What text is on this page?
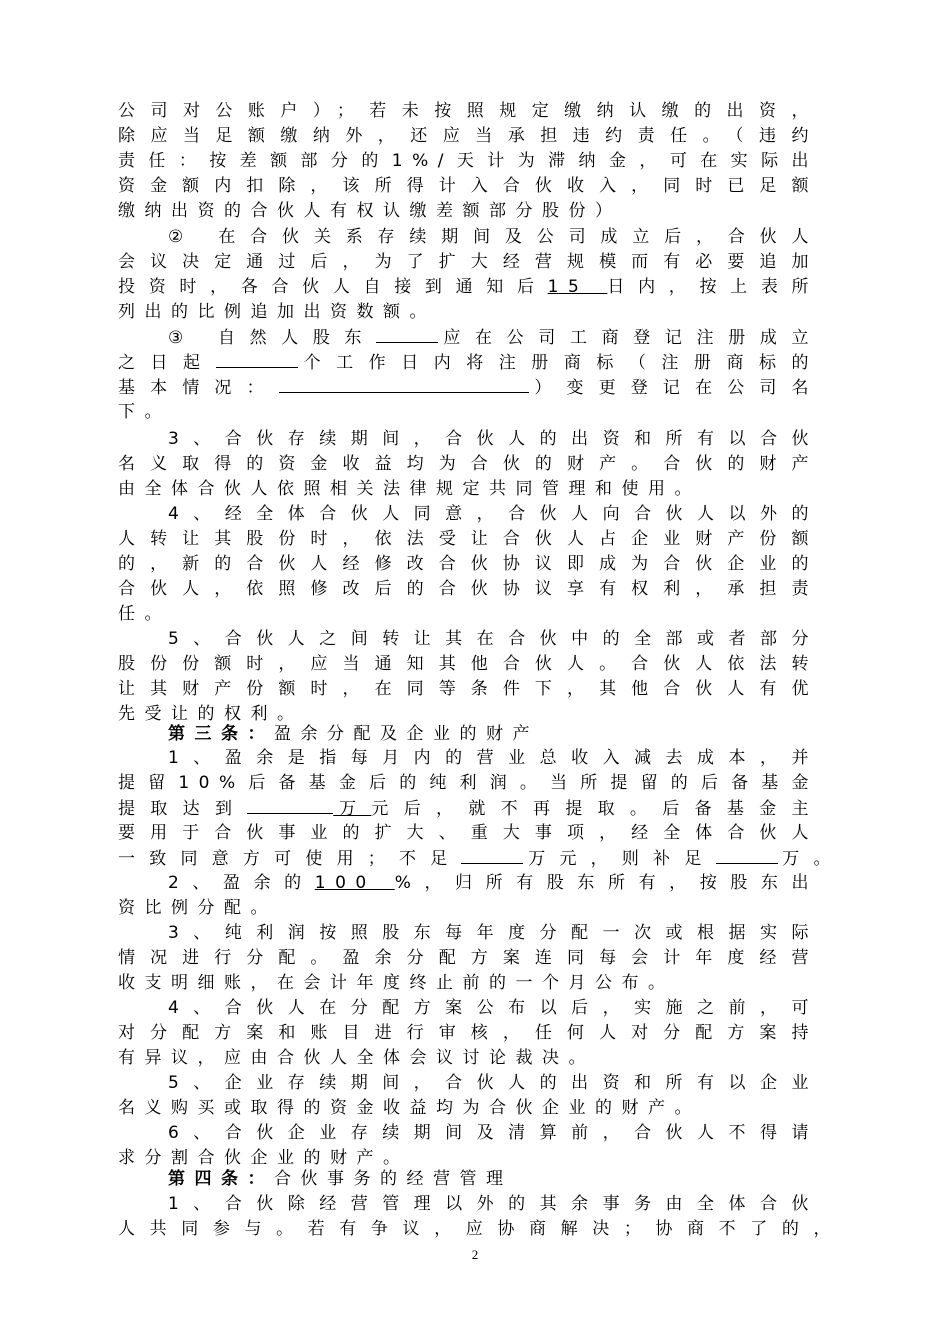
公司对公账户）；若未按照规定缴纳认缴的出资，
除应当足额缴纳外，还应当承担违约责任。（违约
责任：按差额部分的1%/天计为滞纳金，可在实际出
资金额内扣除，该所得计入合伙收入，同时已足额
缴纳出资的合伙人有权认缴差额部分股份）
② 在合伙关系存续期间及公司成立后，合伙人
会议决定通过后，为了扩大经营规模而有必要追加
投资时，各合伙人自接到通知后15 日内，按上表所
列出的比例追加出资数额。
③ 自然人股东	应在公司工商登记注册成立
之日起	个工作日内将注册商标（注册商标的
基本情况：	）变更登记在公司名
下。
3、合伙存续期间，合伙人的出资和所有以合伙
名义取得的资金收益均为合伙的财产。合伙的财产
由全体合伙人依照相关法律规定共同管理和使用。
4、经全体合伙人同意，合伙人向合伙人以外的
人转让其股份时，依法受让合伙人占企业财产份额
的，新的合伙人经修改合伙协议即成为合伙企业的
合伙人，依照修改后的合伙协议享有权利，承担责
任。
5、合伙人之间转让其在合伙中的全部或者部分
股份份额时，应当通知其他合伙人。合伙人依法转
让其财产份额时，在同等条件下，其他合伙人有优
先受让的权利。
第三条：盈余分配及企业的财产
1、盈余是指每月内的营业总收入减去成本，并
提留10%后备基金后的纯利润。当所提留的后备基金
提取达到	万元后，就不再提取。后备基金主
要用于合伙事业的扩大、重大事项，经全体合伙人
一致同意方可使用；不足	万元，则补足	万。
2、盈余的100 %，归所有股东所有，按股东出
资比例分配。
3、纯利润按照股东每年度分配一次或根据实际
情况进行分配。盈余分配方案连同每会计年度经营
收支明细账，在会计年度终止前的一个月公布。
4、合伙人在分配方案公布以后，实施之前，可
对分配方案和账目进行审核，任何人对分配方案持
有异议，应由合伙人全体会议讨论裁决。
5、企业存续期间，合伙人的出资和所有以企业
名义购买或取得的资金收益均为合伙企业的财产。
6、合伙企业存续期间及清算前，合伙人不得请
求分割合伙企业的财产。
第四条：合伙事务的经营管理
1、合伙除经营管理以外的其余事务由全体合伙
人共同参与。若有争议，应协商解决；协商不了的，
2
